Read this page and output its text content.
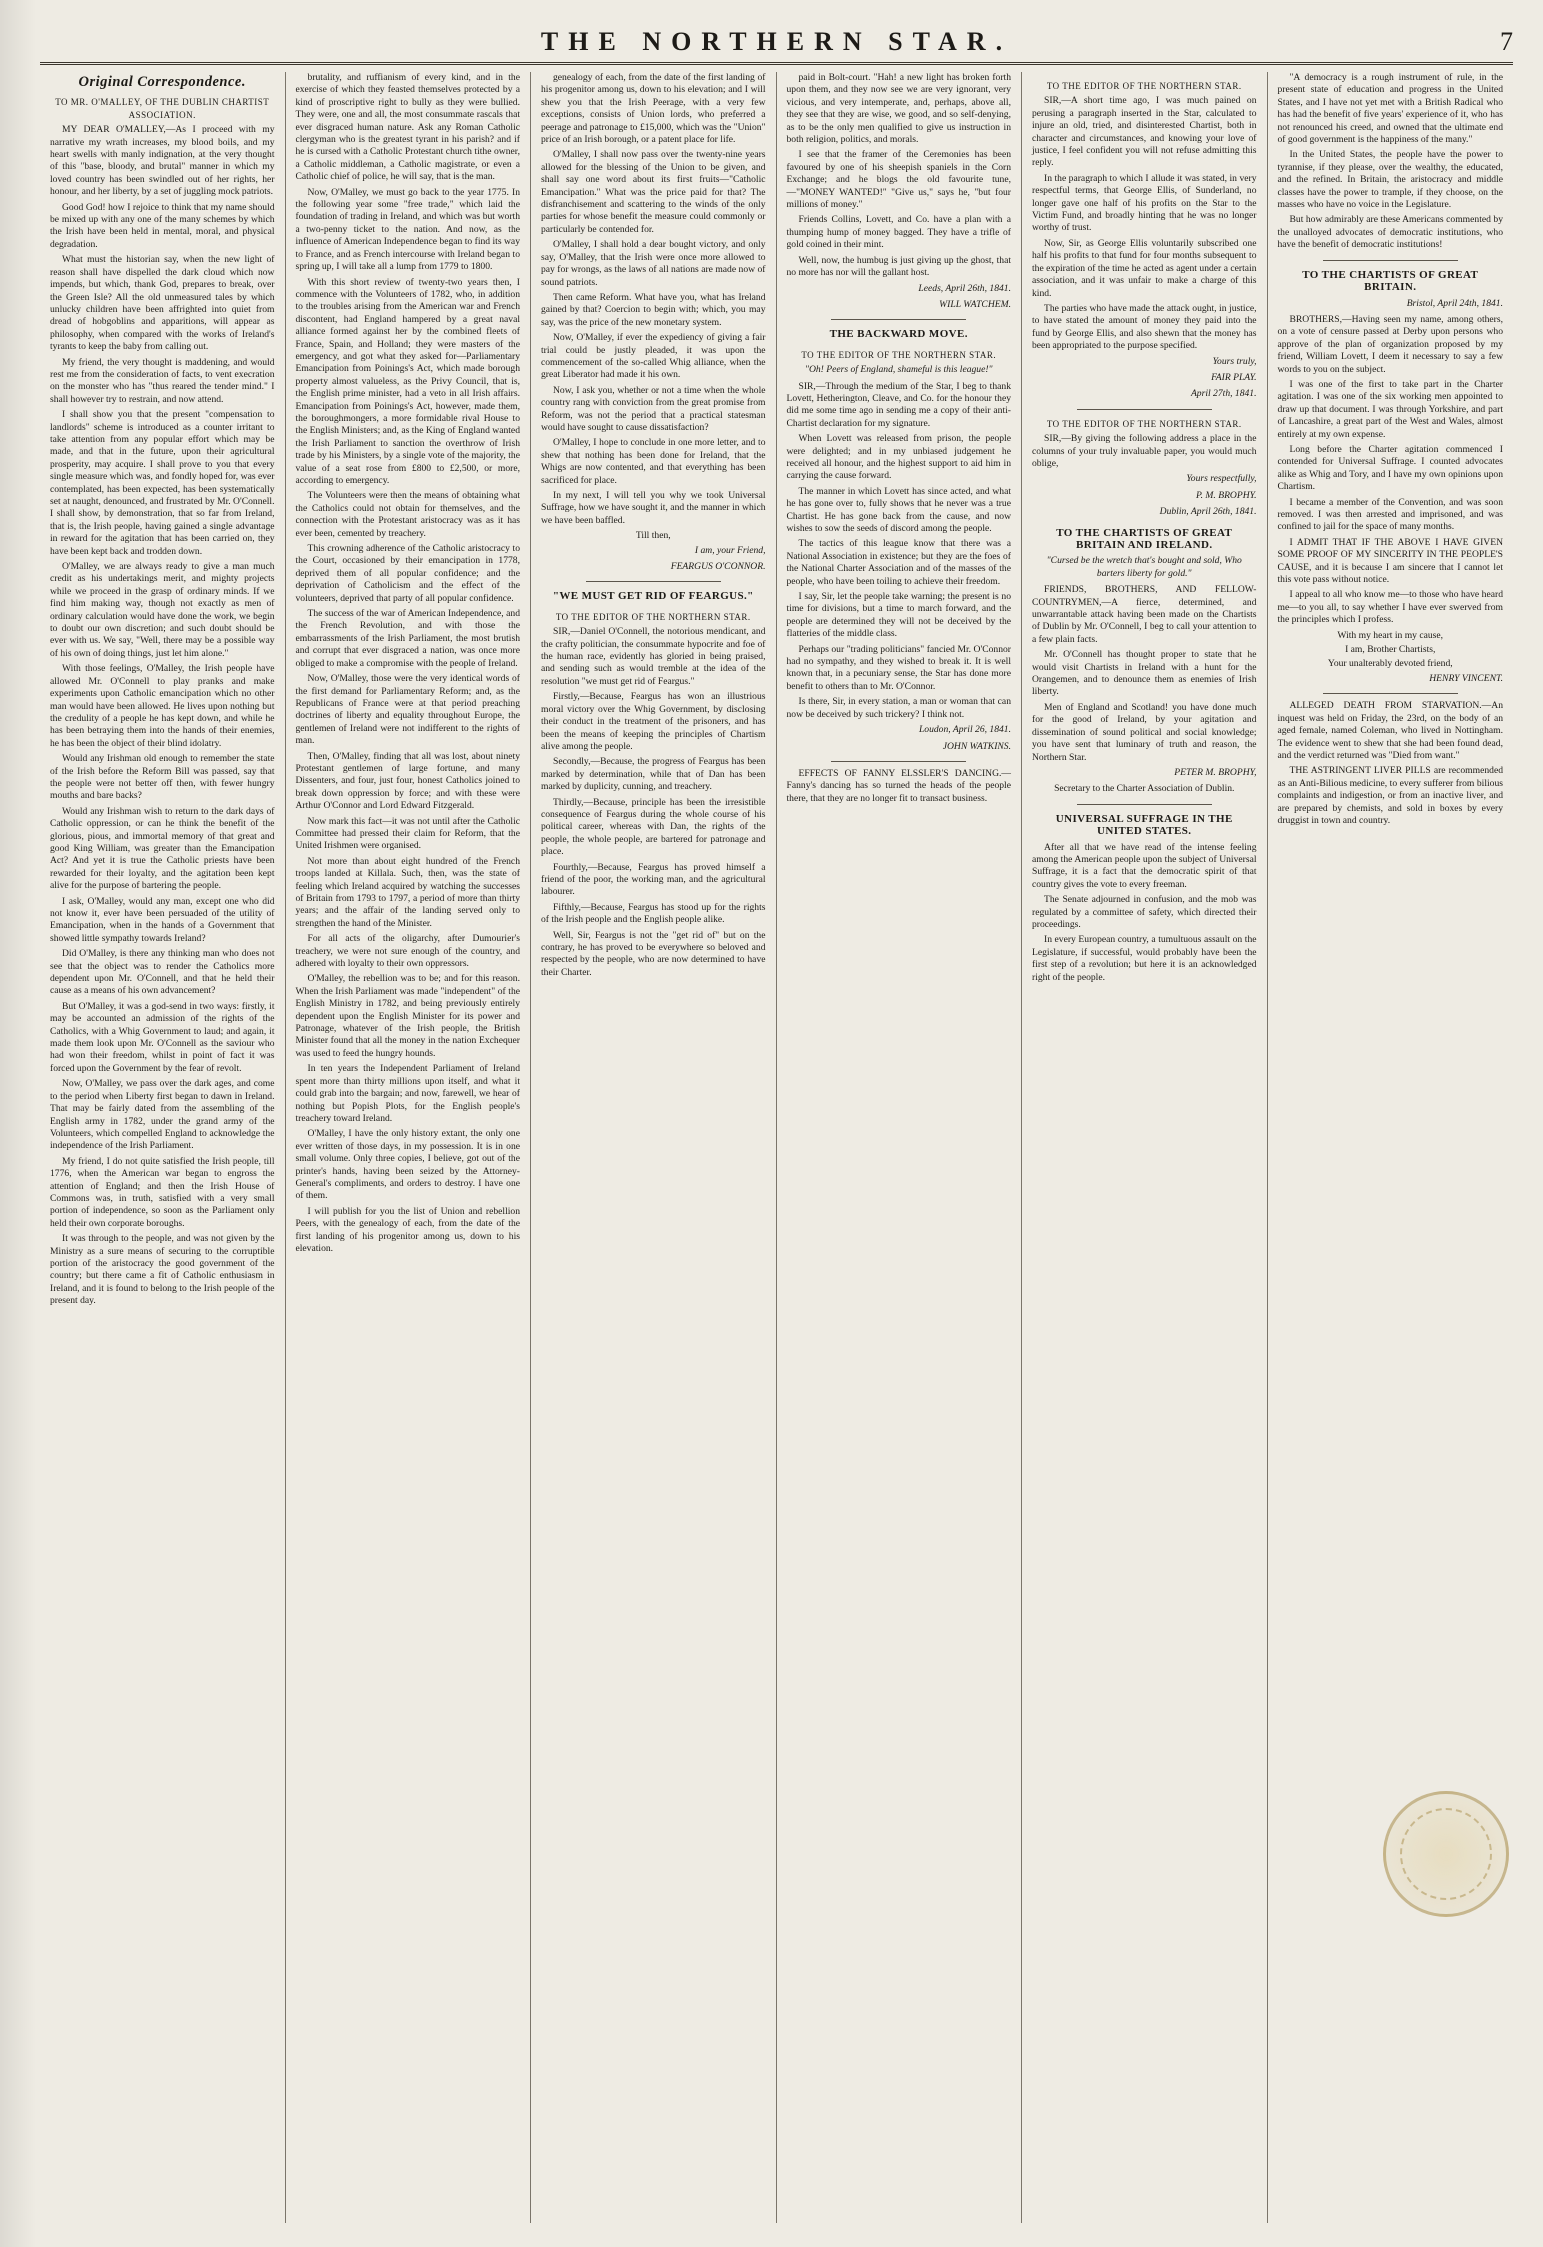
THE NORTHERN STAR.	7
Original Correspondence.
TO MR. O'MALLEY, OF THE DUBLIN CHARTIST ASSOCIATION.

MY DEAR O'MALLEY,—As I proceed with my narrative my wrath increases, my blood boils, and my heart swells with manly indignation, at the very thought of this "base, bloody, and brutal" manner in which my loved country has been swindled out of her rights, her honour, and her liberty, by a set of juggling mock patriots.

Good God! how I rejoice to think that my name should be mixed up with any one of the many schemes by which the Irish have been held in mental, moral, and physical degradation.

What must the historian say, when the new light of reason shall have dispelled the dark cloud which now impends, but which, thank God, prepares to break, over the Green Isle? All the old unmeasured tales by which unlucky children have been affrighted into quiet from dread of hobgoblins and apparitions, will appear as philosophy, when compared with the works of Ireland's tyrants to keep the baby from calling out.

My friend, the very thought is maddening, and would rest me from the consideration of facts, to vent execration on the monster who has "thus reared the tender mind." I shall however try to restrain, and now attend.

I shall show you that the present "compensation to landlords" scheme is introduced as a counter irritant to take attention from any popular effort which may be made, and that in the future, upon their agricultural prosperity, may acquire. I shall prove to you that every single measure which was, and fondly hoped for, was ever contemplated, has been expected, has been systematically set at naught, denounced, and frustrated by Mr. O'Connell. I shall show, by demonstration, that so far from Ireland, that is, the Irish people, having gained a single advantage in reward for the agitation that has been carried on, they have been kept back and trodden down.

O'Malley, we are always ready to give a man much credit as his undertakings merit, and mighty projects while we proceed in the grasp of ordinary minds. If we find him making way, though not exactly as men of ordinary calculation would have done the work, we begin to doubt our own discretion; and such doubt should be ever with us. We say, "Well, there may be a possible way of his own of doing things, just let him alone."

With those feelings, O'Malley, the Irish people have allowed Mr. O'Connell to play pranks and make experiments upon Catholic emancipation which no other man would have been allowed. He lives upon nothing but the credulity of a people he has kept down, and while he has been betraying them into the hands of their enemies, he has been the object of their blind idolatry.

Would any Irishman old enough to remember the state of the Irish before the Reform Bill was passed, say that the people were not better off then, with fewer hungry mouths and bare backs?

Would any Irishman wish to return to the dark days of Catholic oppression, or can he think the benefit of the glorious, pious, and immortal memory of that great and good King William, was greater than the Emancipation Act? And yet it is true the Catholic priests have been rewarded for their loyalty, and the agitation been kept alive for the purpose of bartering the people.

I ask, O'Malley, would any man, except one who did not know it, ever have been persuaded of the utility of Emancipation, when in the hands of a Government that showed little sympathy towards Ireland?

Did O'Malley, is there any thinking man who does not see that the object was to render the Catholics more dependent upon Mr. O'Connell, and that he held their cause as a means of his own advancement?

But O'Malley, it was a god-send in two ways: firstly, it may be accounted an admission of the rights of the Catholics, with a Whig Government to laud; and again, it made them look upon Mr. O'Connell as the saviour who had won their freedom, whilst in point of fact it was forced upon the Government by the fear of revolt.

Now, O'Malley, we pass over the dark ages, and come to the period when Liberty first began to dawn in Ireland. That may be fairly dated from the assembling of the English army in 1782, under the grand army of the Volunteers, which compelled England to acknowledge the independence of the Irish Parliament.

My friend, I do not quite satisfied the Irish people, till 1776, when the American war began to engross the attention of England; and then the Irish House of Commons was, in truth, satisfied with a very small portion of independence, so soon as the Parliament only held their own corporate boroughs.

It was through to the people, and was not given by the Ministry as a sure means of securing to the corruptible portion of the aristocracy the good government of the country; but there came a fit of Catholic enthusiasm in Ireland, and it is found to belong to the Irish people of the present day.

brutality, and ruffianism of every kind, and in the exercise of which they feasted themselves protected by a kind of proscriptive right to bully as they were bullied. They were, one and all, the most consummate rascals that ever disgraced human nature. Ask any Roman Catholic clergyman who is the greatest tyrant in his parish? and if he is cursed with a Catholic Protestant church tithe owner, a Catholic middleman, a Catholic magistrate, or even a Catholic chief of police, he will say, that is the man.

Now, O'Malley, we must go back to the year 1775. In the following year some "free trade," which laid the foundation of trading in Ireland, and which was but worth a two-penny ticket to the nation. And now, as the influence of American Independence began to find its way to France, and as French intercourse with Ireland began to spring up, I will take all a lump from 1779 to 1800.

With this short review of twenty-two years then, I commence with the Volunteers of 1782, who, in addition to the troubles arising from the American war and French discontent, had England hampered by a great naval alliance formed against her by the combined fleets of France, Spain, and Holland; they were masters of the emergency, and got what they asked for—Parliamentary Emancipation from Poinings's Act, which made borough property almost valueless, as the Privy Council, that is, the English prime minister, had a veto in all Irish affairs. Emancipation from Poinings's Act, however, made them, the boroughmongers, a more formidable rival House to the English Ministers; and, as the King of England wanted the Irish Parliament to sanction the overthrow of Irish trade by his Ministers, by a single vote of the majority, the value of a seat rose from £800 to £2,500, or more, according to emergency.

The Volunteers were then the means of obtaining what the Catholics could not obtain for themselves, and the connection with the Protestant aristocracy was as it has ever been, cemented by treachery.

This crowning adherence of the Catholic aristocracy to the Court, occasioned by their emancipation in 1778, deprived them of all popular confidence; and the deprivation of Catholicism and the effect of the volunteers, deprived that party of all popular confidence.

The success of the war of American Independence, and the French Revolution, and with those the embarrassments of the Irish Parliament, the most brutish and corrupt that ever disgraced a nation, was once more obliged to make a compromise with the people of Ireland.

Now, O'Malley, those were the very identical words of the first demand for Parliamentary Reform; and, as the Republicans of France were at that period preaching doctrines of liberty and equality throughout Europe, the gentlemen of Ireland were not indifferent to the rights of man.

Then, O'Malley, finding that all was lost, about ninety Protestant gentlemen of large fortune, and many Dissenters, and four, just four, honest Catholics joined to break down oppression by force; and with these were Arthur O'Connor and Lord Edward Fitzgerald.

Now mark this fact—it was not until after the Catholic Committee had pressed their claim for Reform, that the United Irishmen were organised.

Not more than about eight hundred of the French troops landed at Killala. Such, then, was the state of feeling which Ireland acquired by watching the successes of Britain from 1793 to 1797, a period of more than thirty years; and the affair of the landing served only to strengthen the hand of the Minister.

For all acts of the oligarchy, after Dumourier's treachery, we were not sure enough of the country, and adhered with loyalty to their own oppressors.

O'Malley, the rebellion was to be; and for this reason. When the Irish Parliament was made "independent" of the English Ministry in 1782, and being previously entirely dependent upon the English Minister for its power and Patronage, whatever of the Irish people, the British Minister found that all the money in the nation Exchequer was used to feed the hungry hounds.

In ten years the Independent Parliament of Ireland spent more than thirty millions upon itself, and what it could grab into the bargain; and now, farewell, we hear of nothing but Popish Plots, for the English people's treachery toward Ireland.

O'Malley, I have the only history extant, the only one ever written of those days, in my possession. It is in one small volume. Only three copies, I believe, got out of the printer's hands, having been seized by the Attorney-General's compliments, and orders to destroy. I have one of them.

I will publish for you the list of Union and rebellion Peers, with the genealogy of each, from the date of the first landing of his progenitor among us, down to his elevation.

genealogy of each, from the date of the first landing of his progenitor among us, down to his elevation; and I will shew you that the Irish Peerage, with a very few exceptions, consists of Union lords, who preferred a peerage and patronage to £15,000, which was the "Union" price of an Irish borough, or a patent place for life.

O'Malley, I shall now pass over the twenty-nine years allowed for the blessing of the Union to be given, and shall say one word about its first fruits—"Catholic Emancipation." What was the price paid for that? The disfranchisement and scattering to the winds of the only parties for whose benefit the measure could commonly or particularly be contended for.

O'Malley, I shall hold a dear bought victory, and only say, O'Malley, that the Irish were once more allowed to pay for wrongs, as the laws of all nations are made now of sound patriots.

Then came Reform. What have you, what has Ireland gained by that? Coercion to begin with; which, you may say, was the price of the new monetary system.

Now, O'Malley, if ever the expediency of giving a fair trial could be justly pleaded, it was upon the commencement of the so-called Whig alliance, when the great Liberator had made it his own.

Now, I ask you, whether or not a time when the whole country rang with conviction from the great promise from Reform, was not the period that a practical statesman would have sought to cause dissatisfaction?

O'Malley, I hope to conclude in one more letter, and to shew that nothing has been done for Ireland, that the Whigs are now contented, and that everything has been sacrificed for place.

In my next, I will tell you why we took Universal Suffrage, how we have sought it, and the manner in which we have been baffled.

Till then,
I am, your Friend,
FEARGUS O'CONNOR.
"WE MUST GET RID OF FEARGUS."
TO THE EDITOR OF THE NORTHERN STAR.

SIR,—Daniel O'Connell, the notorious mendicant, and the crafty politician, the consummate hypocrite and foe of the human race, evidently has gloried in being praised, and sending such as would tremble at the idea of the resolution "we must get rid of Feargus."

Firstly,—Because, Feargus has won an illustrious moral victory over the Whig Government, by disclosing their conduct in the treatment of the prisoners, and has been the means of keeping the principles of Chartism alive among the people.

Secondly,—Because, the progress of Feargus has been marked by determination, while that of Dan has been marked by duplicity, cunning, and treachery.

Thirdly,—Because, principle has been the irresistible consequence of Feargus during the whole course of his political career, whereas with Dan, the rights of the people, the whole people, are bartered for patronage and place.

Fourthly,—Because, Feargus has proved himself a friend of the poor, the working man, and the agricultural labourer.

Fifthly,—Because, Feargus has stood up for the rights of the Irish people and the English people alike.

Well, Sir, Feargus is not the "get rid of" but on the contrary, he has proved to be everywhere so beloved and respected by the people, who are now determined to have their Charter.

paid in Bolt-court. "Hah! a new light has broken forth upon them, and they now see we are very ignorant, very vicious, and very intemperate, and, perhaps, above all, they see that they are wise, we good, and so self-denying, as to be the only men qualified to give us instruction in both religion, politics, and morals.

I see that the framer of the Ceremonies has been favoured by one of his sheepish spaniels in the Corn Exchange; and he blogs the old favourite tune,—"MONEY WANTED!" "Give us," says he, "but four millions of money."

Friends Collins, Lovett, and Co. have a plan with a thumping hump of money bagged. They have a trifle of gold coined in their mint.

Well, now, the humbug is just giving up the ghost, that no more has nor will the gallant host.

Leeds, April 26th, 1841.
WILL WATCHEM.
THE BACKWARD MOVE.
TO THE EDITOR OF THE NORTHERN STAR.
"Oh! Peers of England, shameful is this league!"

SIR,—Through the medium of the Star, I beg to thank Lovett, Hetherington, Cleave, and Co. for the honour they did me some time ago in sending me a copy of their anti-Chartist declaration for my signature.

When Lovett was released from prison, the people were delighted; and in my unbiased judgement he received all honour, and the highest support to aid him in carrying the cause forward.

The manner in which Lovett has since acted, and what he has gone over to, fully shows that he never was a true Chartist. He has gone back from the cause, and now wishes to sow the seeds of discord among the people.

The tactics of this league know that there was a National Association in existence; but they are the foes of the National Charter Association and of the masses of the people, who have been toiling to achieve their freedom.

I say, Sir, let the people take warning; the present is no time for divisions, but a time to march forward, and the people are determined they will not be deceived by the flatteries of the middle class.

Perhaps our "trading politicians" fancied Mr. O'Connor had no sympathy, and they wished to break it. It is well known that, in a pecuniary sense, the Star has done more benefit to others than to Mr. O'Connor.

Is there, Sir, in every station, a man or woman that can now be deceived by such trickery? I think not.

Loudon, April 26, 1841.
JOHN WATKINS.

EFFECTS OF FANNY ELSSLER'S DANCING.—Fanny's dancing has so turned the heads of the people there, that they are no longer fit to transact business.

TO THE EDITOR OF THE NORTHERN STAR.

SIR,—A short time ago, I was much pained on perusing a paragraph inserted in the Star, calculated to injure an old, tried, and disinterested Chartist, both in character and circumstances, and knowing your love of justice, I feel confident you will not refuse admitting this reply.

In the paragraph to which I allude it was stated, in very respectful terms, that George Ellis, of Sunderland, no longer gave one half of his profits on the Star to the Victim Fund, and broadly hinting that he was no longer worthy of trust.

Now, Sir, as George Ellis voluntarily subscribed one half his profits to that fund for four months subsequent to the expiration of the time he acted as agent under a certain association, and it was unfair to make a charge of this kind.

The parties who have made the attack ought, in justice, to have stated the amount of money they paid into the fund by George Ellis, and also shewn that the money has been appropriated to the purpose specified.

Yours truly,
FAIR PLAY.
April 27th, 1841.
TO THE EDITOR OF THE NORTHERN STAR.

SIR,—By giving the following address a place in the columns of your truly invaluable paper, you would much oblige,

Yours respectfully,
P. M. BROPHY.
Dublin, April 26th, 1841.
TO THE CHARTISTS OF GREAT BRITAIN AND IRELAND.
"Cursed be the wretch that's bought and sold, Who barters liberty for gold."

FRIENDS, BROTHERS, AND FELLOW-COUNTRYMEN,—A fierce, determined, and unwarrantable attack having been made on the Chartists of Dublin by Mr. O'Connell, I beg to call your attention to a few plain facts.

Mr. O'Connell has thought proper to state that he would visit Chartists in Ireland with a hunt for the Orangemen, and to denounce them as enemies of Irish liberty.

Men of England and Scotland! you have done much for the good of Ireland, by your agitation and dissemination of sound political and social knowledge; you have sent that luminary of truth and reason, the Northern Star.

PETER M. BROPHY,
Secretary to the Charter Association of Dublin.
UNIVERSAL SUFFRAGE IN THE UNITED STATES.

After all that we have read of the intense feeling among the American people upon the subject of Universal Suffrage, it is a fact that the democratic spirit of that country gives the vote to every freeman.

The Senate adjourned in confusion, and the mob was regulated by a committee of safety, which directed their proceedings.

In every European country, a tumultuous assault on the Legislature, if successful, would probably have been the first step of a revolution; but here it is an acknowledged right of the people.

"A democracy is a rough instrument of rule, in the present state of education and progress in the United States, and I have not yet met with a British Radical who has had the benefit of five years' experience of it, who has not renounced his creed, and owned that the ultimate end of good government is the happiness of the many."

In the United States, the people have the power to tyrannise, if they please, over the wealthy, the educated, and the refined. In Britain, the aristocracy and middle classes have the power to trample, if they choose, on the masses who have no voice in the Legislature.

But how admirably are these Americans commented by the unalloyed advocates of democratic institutions, who have the benefit of democratic institutions!

TO THE CHARTISTS OF GREAT BRITAIN.
Bristol, April 24th, 1841.

BROTHERS,—Having seen my name, among others, on a vote of censure passed at Derby upon persons who approve of the plan of organization proposed by my friend, William Lovett, I deem it necessary to say a few words to you on the subject.

I was one of the first to take part in the Charter agitation. I was one of the six working men appointed to draw up that document. I was through Yorkshire, and part of Lancashire, a great part of the West and Wales, almost entirely at my own expense.

Long before the Charter agitation commenced I contended for Universal Suffrage. I counted advocates alike as Whig and Tory, and I have my own opinions upon Chartism.

I became a member of the Convention, and was soon removed. I was then arrested and imprisoned, and was confined to jail for the space of many months.

I ADMIT THAT IF THE ABOVE I HAVE GIVEN SOME PROOF OF MY SINCERITY IN THE PEOPLE'S CAUSE, and it is because I am sincere that I cannot let this vote pass without notice.

I appeal to all who know me—to those who have heard me—to you all, to say whether I have ever swerved from the principles which I profess.

With my heart in my cause,
I am, Brother Chartists,
Your unalterably devoted friend,
HENRY VINCENT.

ALLEGED DEATH FROM STARVATION.—An inquest was held on Friday, the 23rd, on the body of an aged female, named Coleman, who lived in Nottingham. The evidence went to shew that she had been found dead, and the verdict returned was "Died from want."

THE ASTRINGENT LIVER PILLS are recommended as an Anti-Bilious medicine, to every sufferer from bilious complaints and indigestion, or from an inactive liver, and are prepared by chemists, and sold in boxes by every druggist in town and country.
